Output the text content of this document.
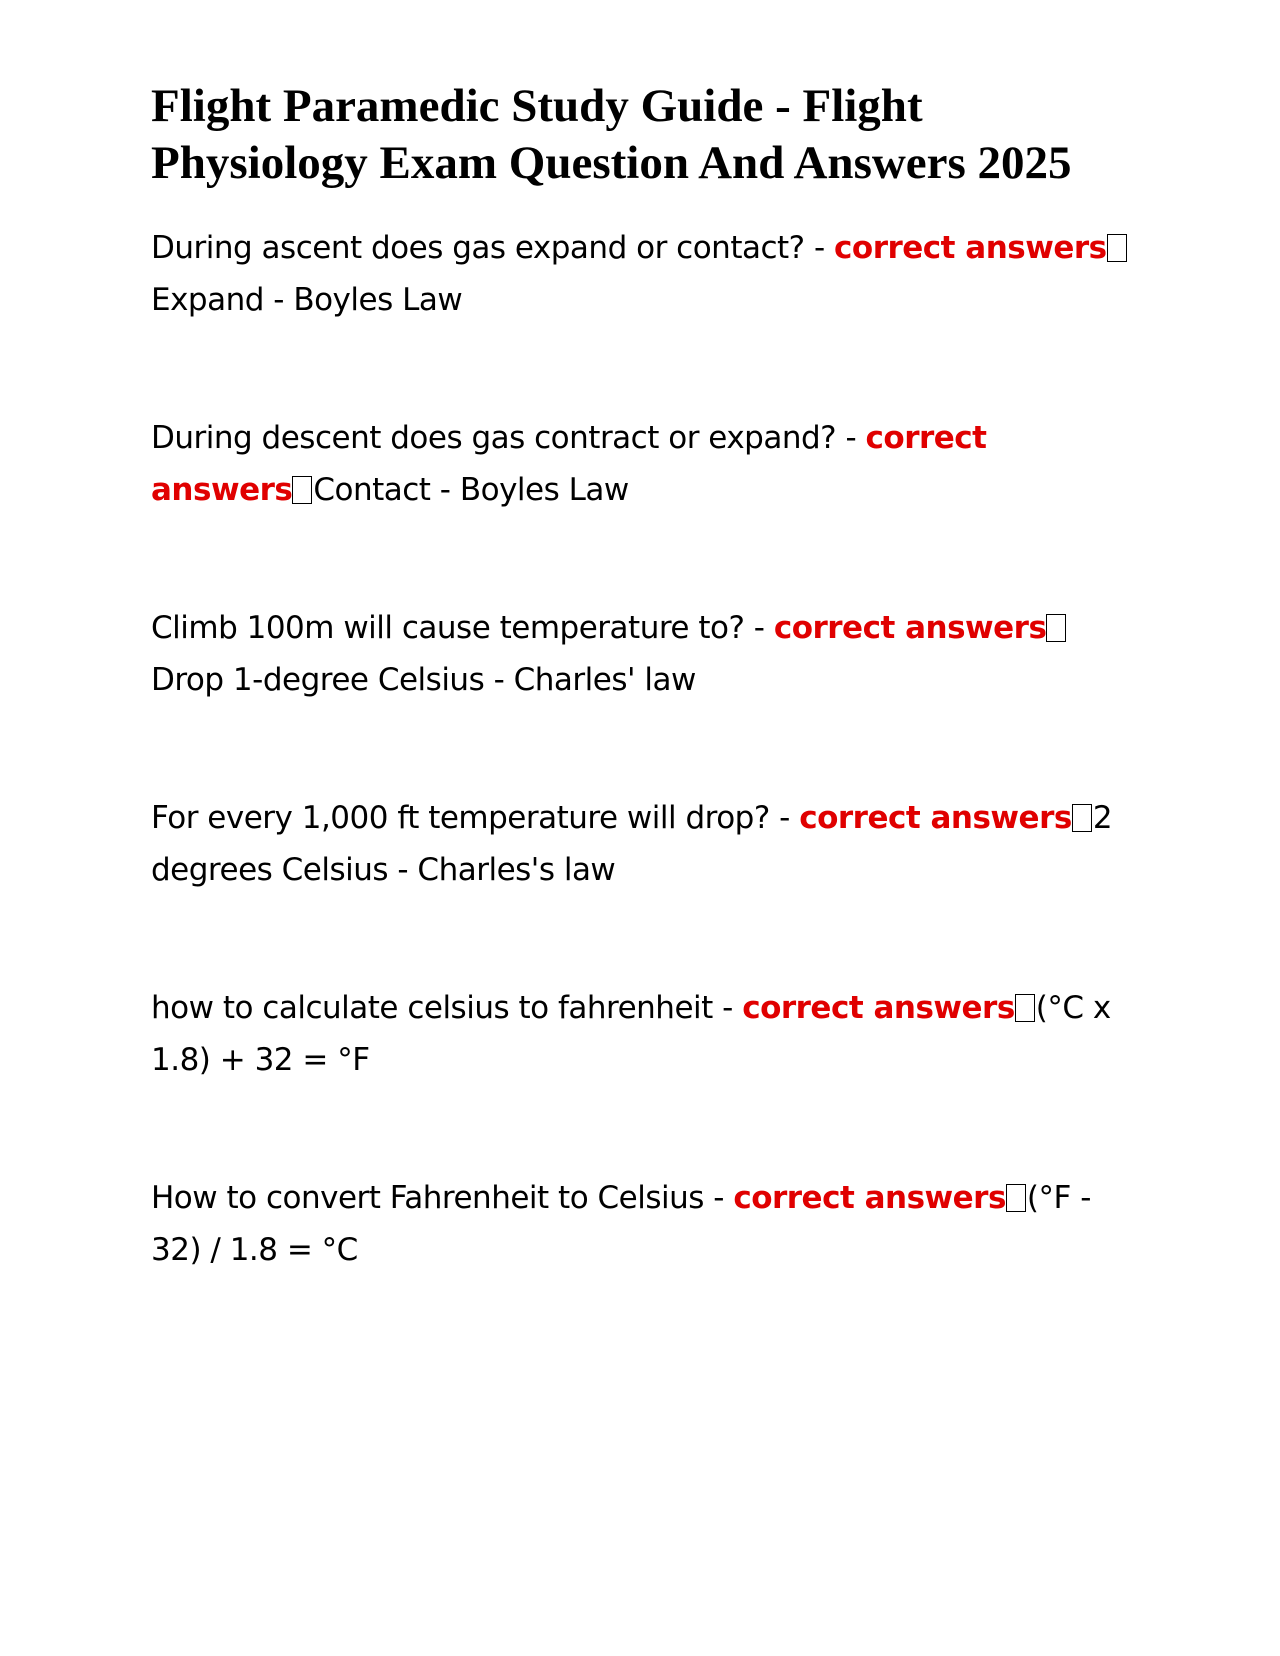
Flight Paramedic Study Guide - Flight Physiology Exam Question And Answers 2025

During ascent does gas expand or contact? - correct answersExpand - Boyles Law

During descent does gas contract or expand? - correct answers Contact - Boyles Law

Climb 100m will cause temperature to? - correct answersDrop 1-degree Celsius - Charles' law

For every 1,000 ft temperature will drop? - correct answers 2 degrees Celsius - Charles's law

how to calculate celsius to fahrenheit - correct answers (°C x 1.8) + 32 = °F

How to convert Fahrenheit to Celsius - correct answers (°F - 32) / 1.8 = °C
